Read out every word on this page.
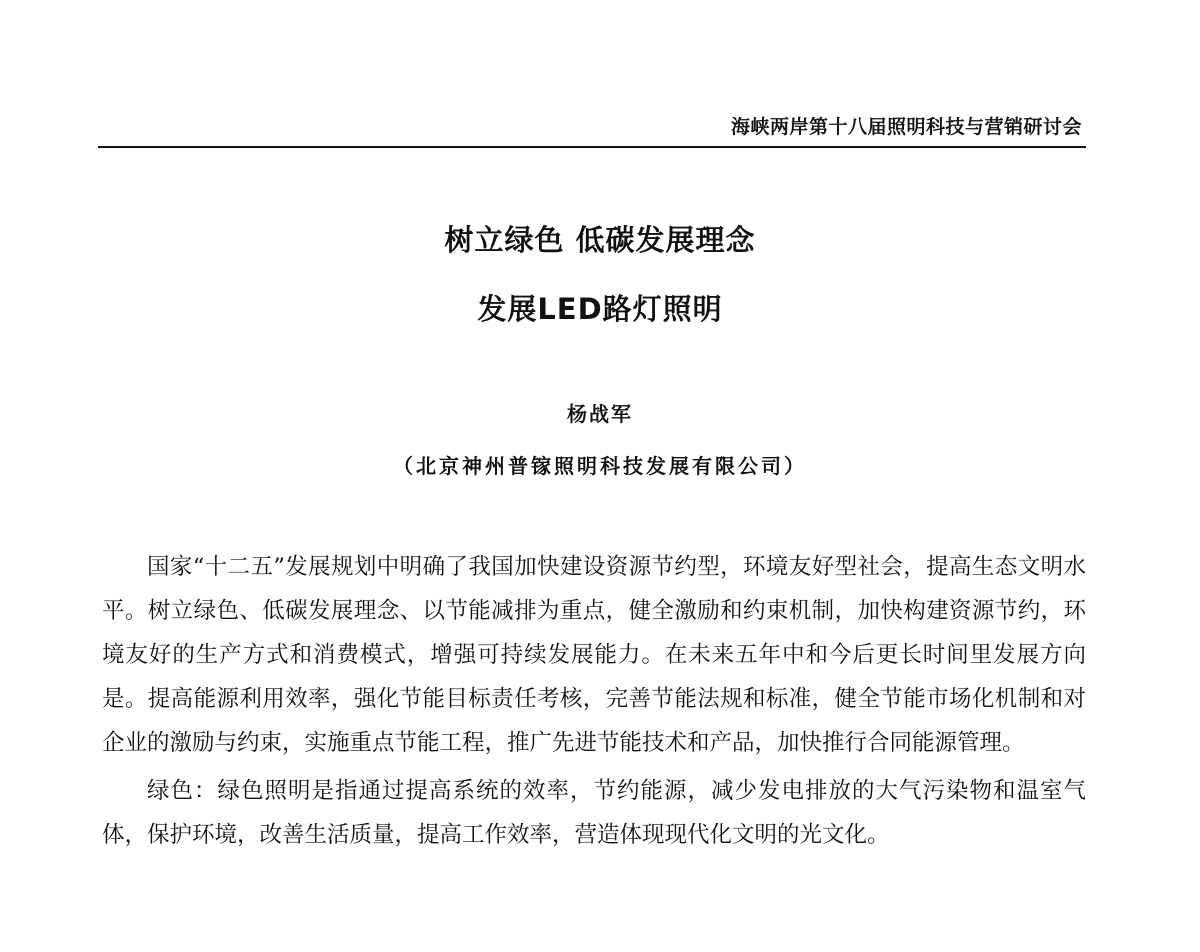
海峡两岸第十八届照明科技与营销研讨会
树立绿色 低碳发展理念
发展LED路灯照明
杨战军
（北京神州普镓照明科技发展有限公司）

国家“十二五”发展规划中明确了我国加快建设资源节约型，环境友好型社会，提高生态文明水平。树立绿色、低碳发展理念、以节能减排为重点，健全激励和约束机制，加快构建资源节约，环境友好的生产方式和消费模式，增强可持续发展能力。在未来五年中和今后更长时间里发展方向是。提高能源利用效率，强化节能目标责任考核，完善节能法规和标准，健全节能市场化机制和对企业的激励与约束，实施重点节能工程，推广先进节能技术和产品，加快推行合同能源管理。

绿色：绿色照明是指通过提高系统的效率，节约能源，减少发电排放的大气污染物和温室气体，保护环境，改善生活质量，提高工作效率，营造体现现代化文明的光文化。
